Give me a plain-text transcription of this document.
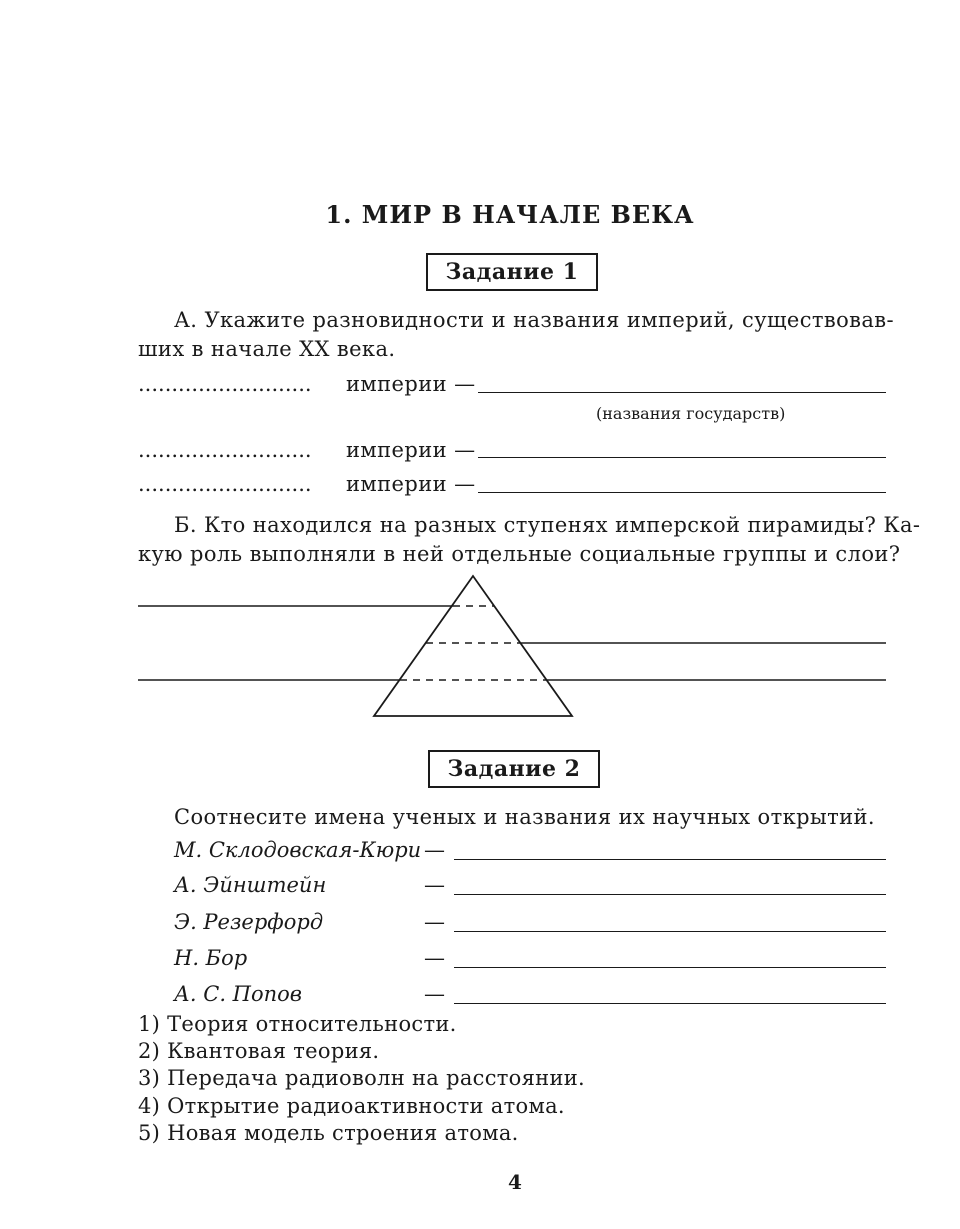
1. МИР В НАЧАЛЕ ВЕКА
Задание 1
А. Укажите разновидности и названия империй, существовав-
ших в начале XX века.
.......................... империи —
(названия государств)
.......................... империи —
.......................... империи —
Б. Кто находился на разных ступенях имперской пирамиды? Ка-
кую роль выполняли в ней отдельные социальные группы и слои?
Задание 2
Соотнесите имена ученых и названия их научных открытий.
М. Склодовская-Кюри —
А. Эйнштейн	—
Э. Резерфорд	—
Н. Бор	—
А. С. Попов	—
1) Теория относительности.
2) Квантовая теория.
3) Передача радиоволн на расстоянии.
4) Открытие радиоактивности атома.
5) Новая модель строения атома.
4
